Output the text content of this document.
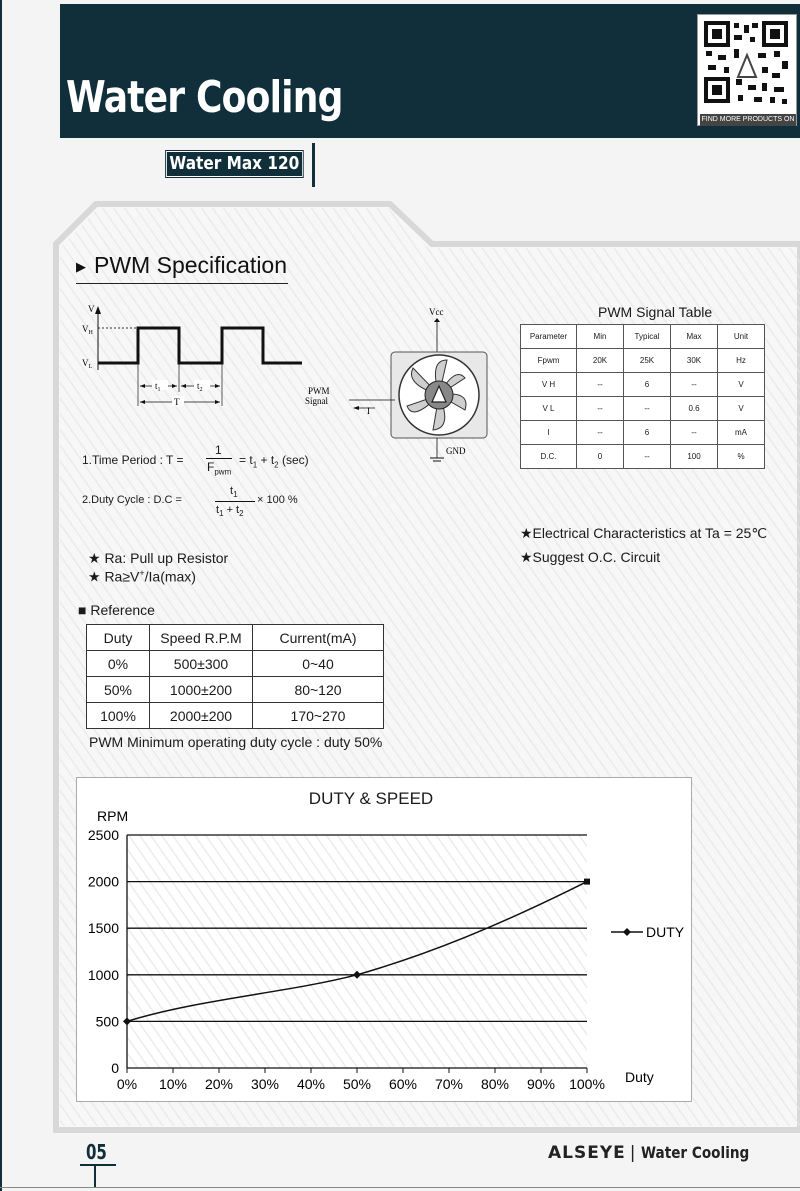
Water Cooling	FIND MORE PRODUCTS ON
Water Max 120
▶ PWM Specification
V
$V_H$
$V_L$
$t_1$	$t_2$
T
Vcc
GND
I
PWM
Signal
1.Time Period : T =
1
$F_{pwm}$
= $t_1 + t_2$ (sec)
2.Duty Cycle : D.C =
$t_1$
$t_1 + t_2$
× 100 %
★ Ra: Pull up Resistor
★ Ra≥V+/Ia(max)
★Electrical Characteristics at Ta = 25℃
★Suggest O.C. Circuit
PWM Signal Table
Parameter	Min	Typical	Max	Unit
Fpwm	20K	25K	30K	Hz
V H	--	6	--	V
V L	--	--	0.6	V
I	--	6	--	mA
D.C.	0	--	100	%
■ Reference
Duty	Speed R.P.M	Current(mA)
0%	500±300	0~40
50%	1000±200	80~120
100%	2000±200	170~270
PWM Minimum operating duty cycle : duty 50%
DUTY & SPEED
0
500
1000
1500
2000
2500
0% 10% 20% 30% 40% 50% 60% 70% 80% 90% 100%
RPM
Duty
DUTY
05	ALSEYE | Water Cooling
